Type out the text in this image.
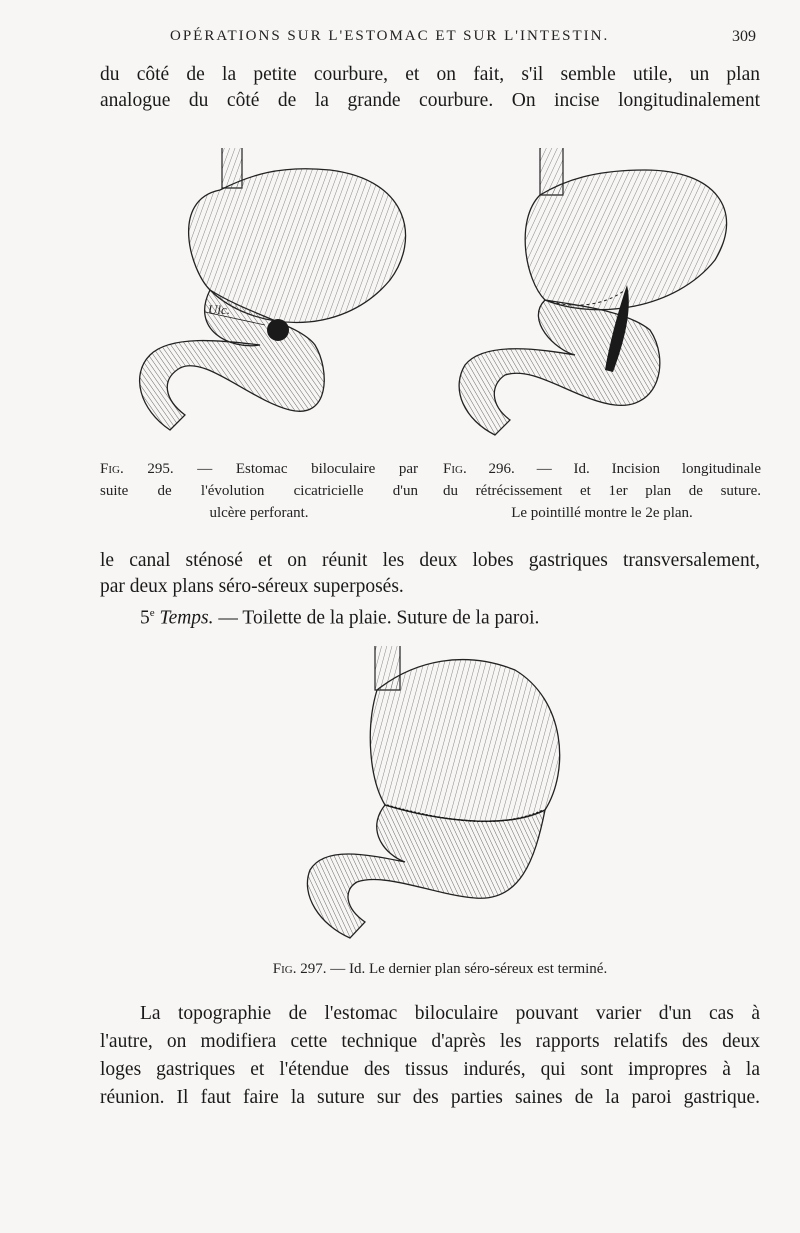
OPÉRATIONS SUR L'ESTOMAC ET SUR L'INTESTIN.	309
du côté de la petite courbure, et on fait, s'il semble utile, un plan
analogue du côté de la grande courbure. On incise longitudinalement
Ulc.
Fig. 295. — Estomac biloculaire par
suite de l'évolution cicatricielle d'un
ulcère perforant.
Fig. 296. — Id. Incision longitudinale
du rétrécissement et 1er plan de suture.
Le pointillé montre le 2e plan.
le canal sténosé et on réunit les deux lobes gastriques transversalement,
par deux plans séro-séreux superposés.
5e Temps. — Toilette de la plaie. Suture de la paroi.
Fig. 297. — Id. Le dernier plan séro-séreux est terminé.
La topographie de l'estomac biloculaire pouvant varier d'un cas à
l'autre, on modifiera cette technique d'après les rapports relatifs des deux
loges gastriques et l'étendue des tissus indurés, qui sont impropres à la
réunion. Il faut faire la suture sur des parties saines de la paroi gastrique.
